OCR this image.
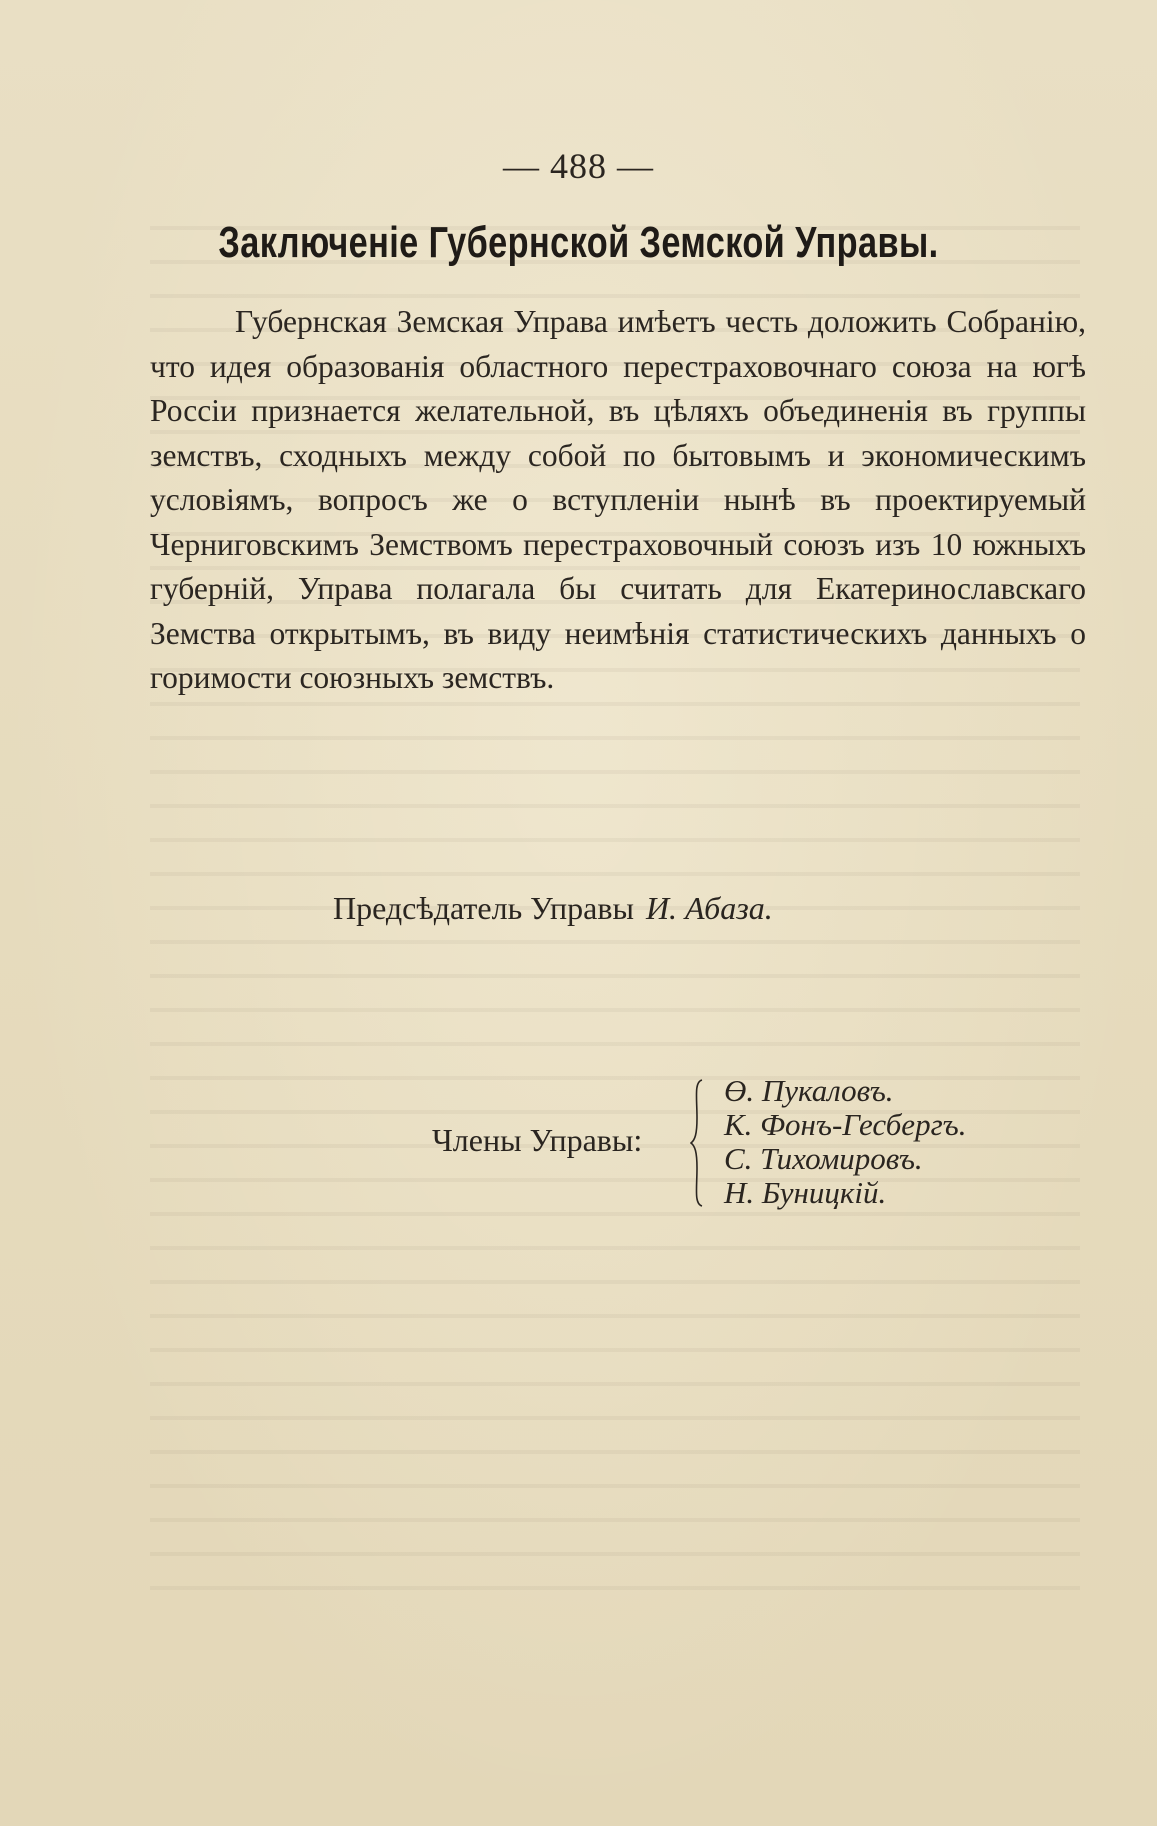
— 488 —
Заключеніе Губернской Земской Управы.

Губернская Земская Управа имѣетъ честь доложить Собранію, что идея образованія областного перестраховочнаго союза на югѣ Россіи признается желательной, въ цѣляхъ объединенія въ группы земствъ, сходныхъ между собой по бытовымъ и экономическимъ условіямъ, вопросъ же о вступленіи нынѣ въ проектируемый Черниговскимъ Земствомъ перестраховочный союзъ изъ 10 южныхъ губерній, Управа полагала бы считать для Екатеринославскаго Земства открытымъ, въ виду неимѣнія статистическихъ данныхъ о горимости союзныхъ земствъ.

Предсѣдатель Управы И. Абаза.
Члены Управы:
Ө. Пукаловъ.
К. Фонъ-Гесбергъ.
С. Тихомировъ.
Н. Буницкій.
